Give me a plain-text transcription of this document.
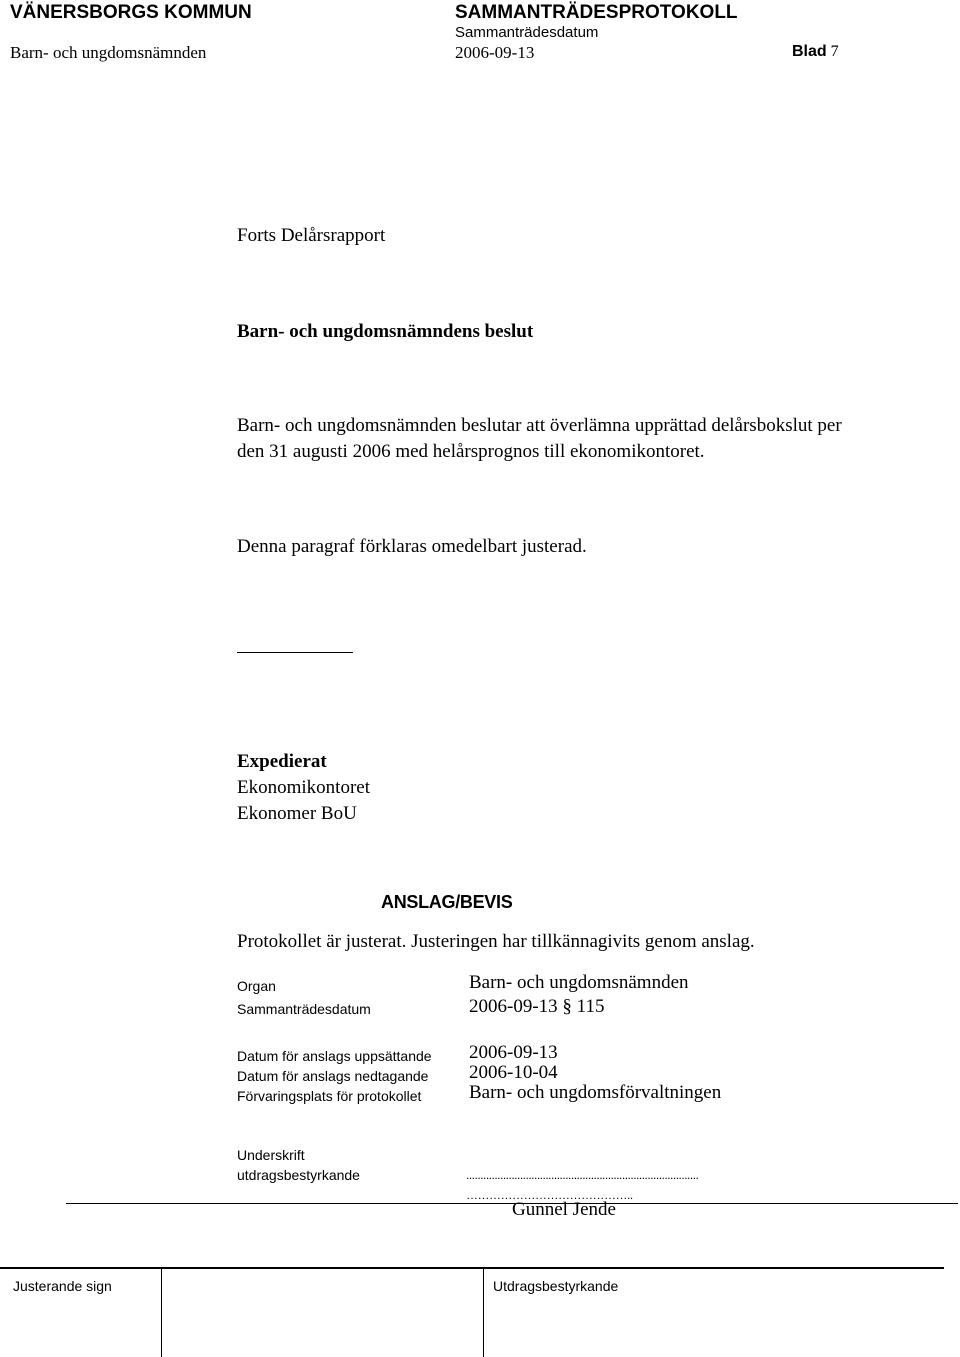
VÄNERSBORGS KOMMUN	SAMMANTRÄDESPROTOKOLL
Sammanträdesdatum
Barn- och ungdomsnämnden	2006-09-13	Blad 7
Forts Delårsrapport
Barn- och ungdomsnämndens beslut
Barn- och ungdomsnämnden beslutar att överlämna upprättad delårsbokslut per
den 31 augusti 2006 med helårsprognos till ekonomikontoret.
Denna paragraf förklaras omedelbart justerad.
Expedierat
Ekonomikontoret
Ekonomer BoU
ANSLAG/BEVIS
Protokollet är justerat. Justeringen har tillkännagivits genom anslag.
Organ	Barn- och ungdomsnämnden
Sammanträdesdatum	2006-09-13 § 115
Datum för anslags uppsättande 2006-09-13
Datum för anslags nedtagande 2006-10-04
Förvaringsplats för protokollet	Barn- och ungdomsförvaltningen
Underskrift
utdragsbestyrkande	..................................................................................
……………………………………..
Gunnel Jende
Justerande sign	Utdragsbestyrkande
